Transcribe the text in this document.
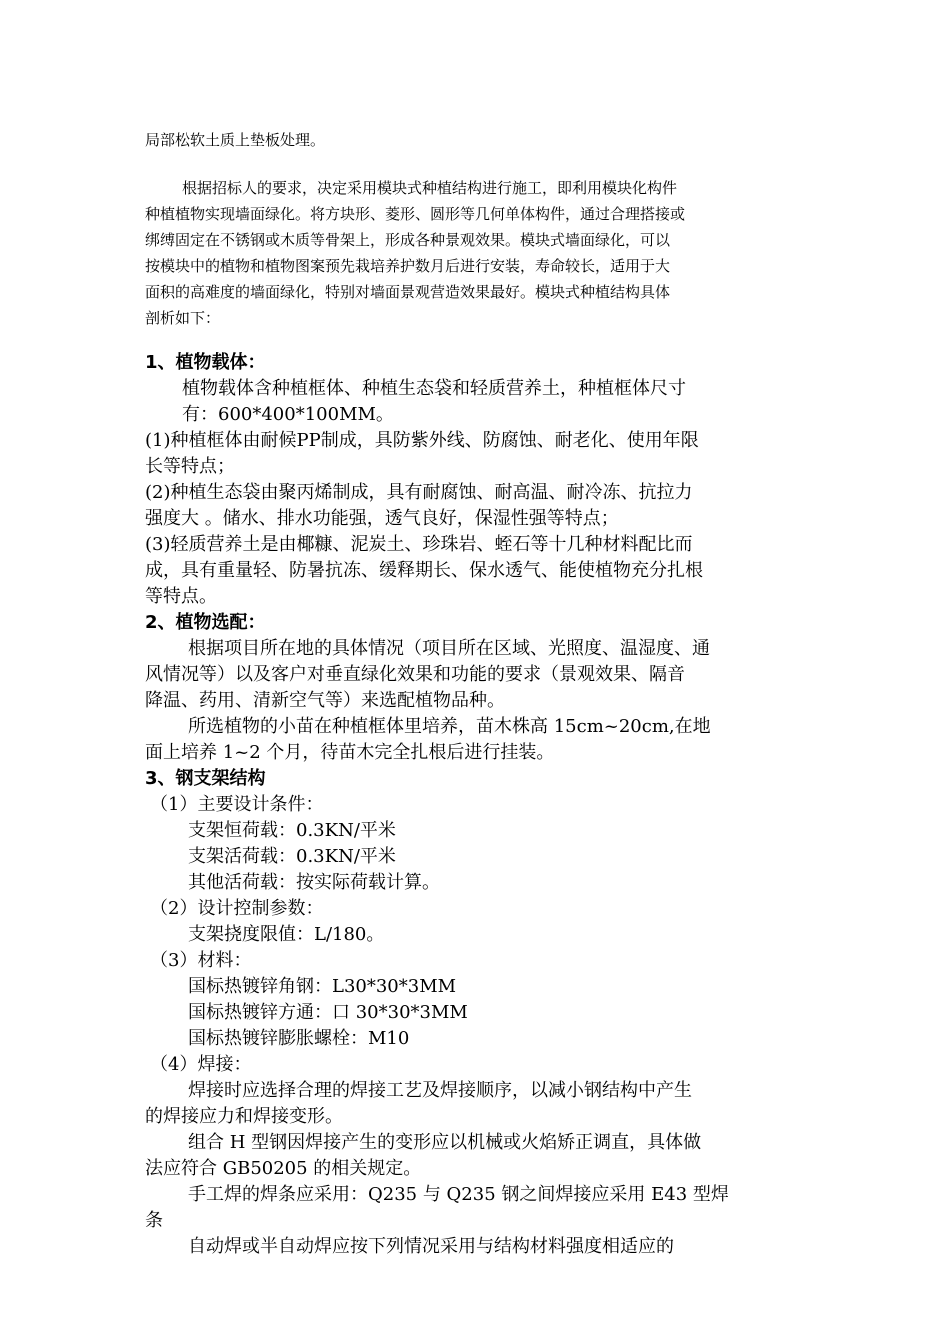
局部松软土质上垫板处理。
根据招标人的要求，决定采用模块式种植结构进行施工，即利用模块化构件
种植植物实现墙面绿化。将方块形、菱形、圆形等几何单体构件，通过合理搭接或
绑缚固定在不锈钢或木质等骨架上，形成各种景观效果。模块式墙面绿化，可以
按模块中的植物和植物图案预先栽培养护数月后进行安装，寿命较长，适用于大
面积的高难度的墙面绿化，特别对墙面景观营造效果最好。模块式种植结构具体
剖析如下：
1、植物载体：
植物载体含种植框体、种植生态袋和轻质营养土，种植框体尺寸
有：600*400*100MM。
(1)种植框体由耐候PP制成，具防紫外线、防腐蚀、耐老化、使用年限
长等特点；
(2)种植生态袋由聚丙烯制成，具有耐腐蚀、耐高温、耐冷冻、抗拉力
强度大 。储水、排水功能强，透气良好，保湿性强等特点；
(3)轻质营养土是由椰糠、泥炭土、珍珠岩、蛭石等十几种材料配比而
成，具有重量轻、防暑抗冻、缓释期长、保水透气、能使植物充分扎根
等特点。
2、植物选配：
根据项目所在地的具体情况（项目所在区域、光照度、温湿度、通
风情况等）以及客户对垂直绿化效果和功能的要求（景观效果、隔音
降温、药用、清新空气等）来选配植物品种。
所选植物的小苗在种植框体里培养，苗木株高 15cm~20cm,在地
面上培养 1~2 个月，待苗木完全扎根后进行挂装。
3、钢支架结构
（1）主要设计条件：
支架恒荷载：0.3KN/平米
支架活荷载：0.3KN/平米
其他活荷载：按实际荷载计算。
（2）设计控制参数：
支架挠度限值：L/180。
（3）材料：
国标热镀锌角钢：L30*30*3MM
国标热镀锌方通：口 30*30*3MM
国标热镀锌膨胀螺栓：M10
（4）焊接：
焊接时应选择合理的焊接工艺及焊接顺序，以减小钢结构中产生
的焊接应力和焊接变形。
组合 H 型钢因焊接产生的变形应以机械或火焰矫正调直，具体做
法应符合 GB50205 的相关规定。
手工焊的焊条应采用：Q235 与 Q235 钢之间焊接应采用 E43 型焊
条
自动焊或半自动焊应按下列情况采用与结构材料强度相适应的
